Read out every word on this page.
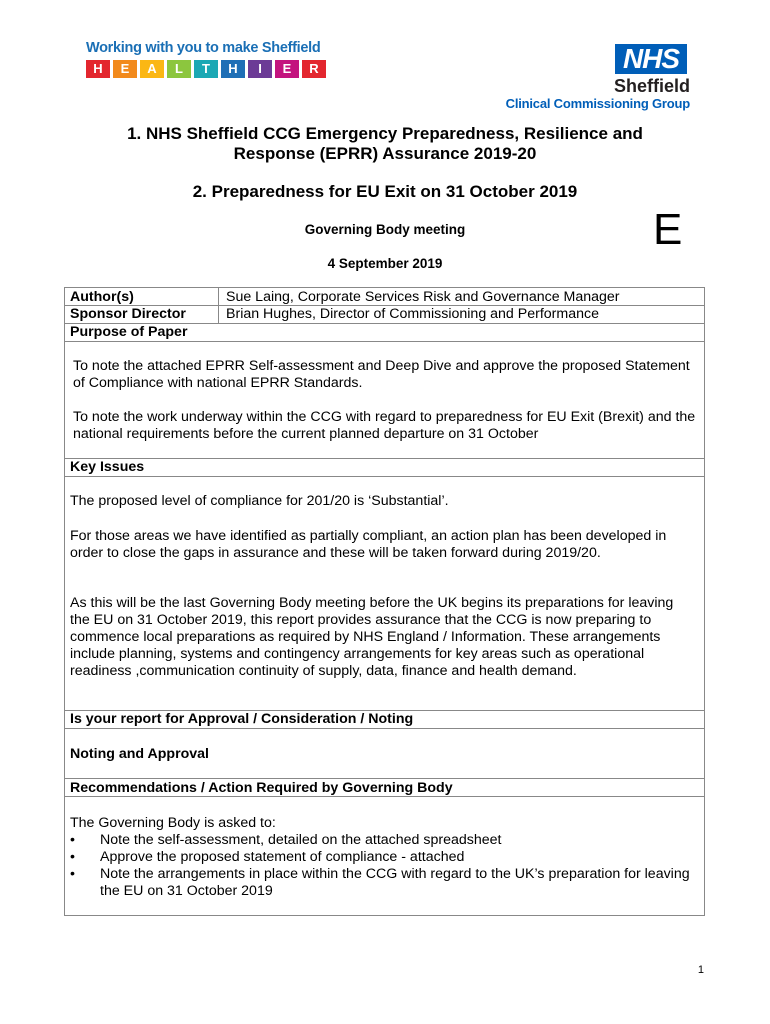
Working with you to make Sheffield
H	E	A	L	T	H	I	E	R	NHS
Sheffield
Clinical Commissioning Group
1. NHS Sheffield CCG Emergency Preparedness, Resilience and
Response (EPRR) Assurance 2019-20
2. Preparedness for EU Exit on 31 October 2019
Governing Body meeting	E
4 September 2019
Author(s)	Sue Laing, Corporate Services Risk and Governance Manager
Sponsor Director	Brian Hughes, Director of Commissioning and Performance
Purpose of Paper
To note the attached EPRR Self-assessment and Deep Dive and approve the proposed Statement of Compliance with national EPRR Standards.
To note the work underway within the CCG with regard to preparedness for EU Exit (Brexit) and the national requirements before the current planned departure on 31 October
Key Issues
The proposed level of compliance for 201/20 is ‘Substantial’.
For those areas we have identified as partially compliant, an action plan has been developed in order to close the gaps in assurance and these will be taken forward during 2019/20.
As this will be the last Governing Body meeting before the UK begins its preparations for leaving the EU on 31 October 2019, this report provides assurance that the CCG is now preparing to commence local preparations as required by NHS England / Information. These arrangements include planning, systems and contingency arrangements for key areas such as operational readiness ,communication continuity of supply, data, finance and health demand.
Is your report for Approval / Consideration / Noting
Noting and Approval
Recommendations / Action Required by Governing Body
The Governing Body is asked to:
• Note the self-assessment, detailed on the attached spreadsheet
• Approve the proposed statement of compliance - attached
• Note the arrangements in place within the CCG with regard to the UK’s preparation for leaving the EU on 31 October 2019
1
